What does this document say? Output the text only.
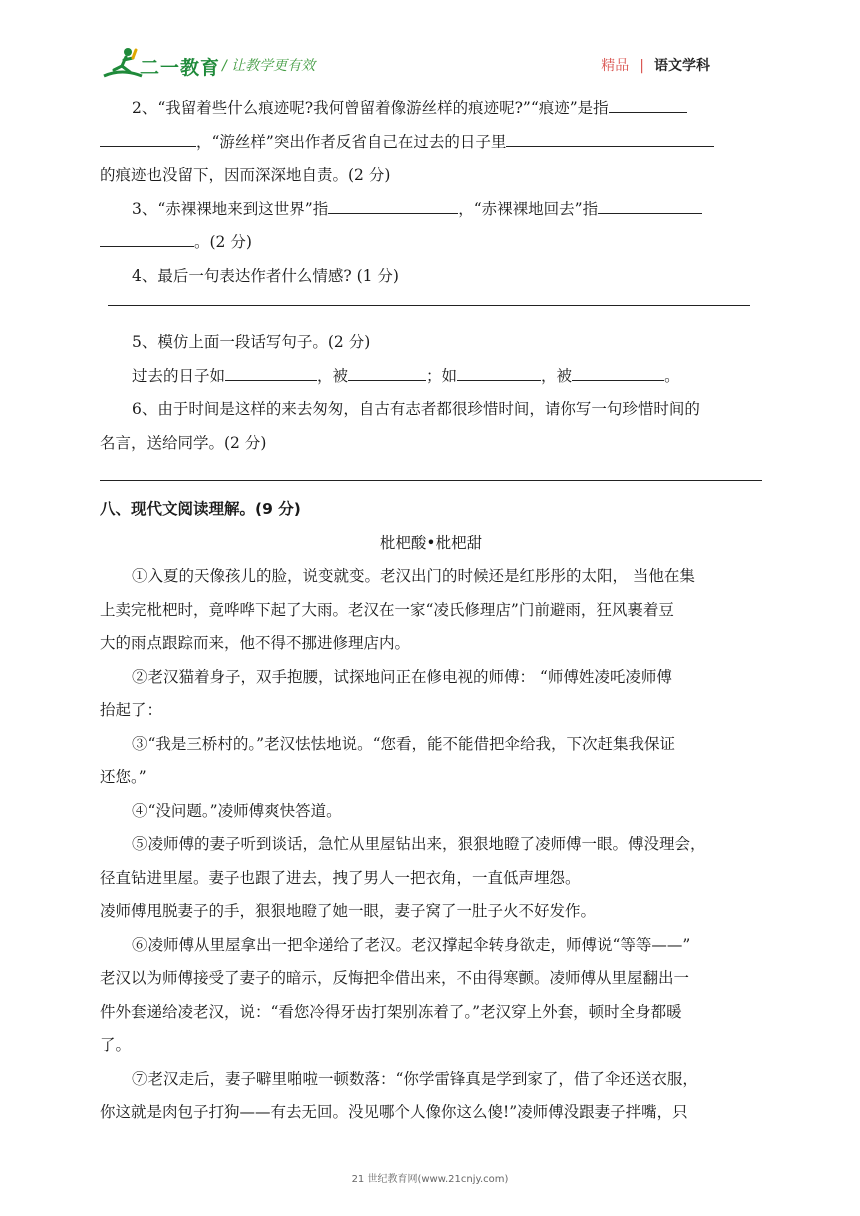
二一教育 / 让教学更有效	精品 | 语文学科
2、“我留着些什么痕迹呢?我何曾留着像游丝样的痕迹呢?”“痕迹”是指
，“游丝样”突出作者反省自己在过去的日子里
的痕迹也没留下，因而深深地自责。(2 分)
3、“赤裸裸地来到这世界”指	，“赤裸裸地回去”指
。(2 分)
4、最后一句表达作者什么情感? (1 分)
5、模仿上面一段话写句子。(2 分)
过去的日子如	，被	；如	，被	。
6、由于时间是这样的来去匆匆，自古有志者都很珍惜时间，请你写一句珍惜时间的
名言，送给同学。(2 分)
八、现代文阅读理解。(9 分)
枇杷酸•枇杷甜
①入夏的天像孩儿的脸，说变就变。老汉出门的时候还是红彤彤的太阳， 当他在集
上卖完枇杷时，竟哗哗下起了大雨。老汉在一家“凌氏修理店”门前避雨，狂风裹着豆
大的雨点跟踪而来，他不得不挪进修理店内。
②老汉猫着身子，双手抱腰，试探地问正在修电视的师傅： “师傅姓凌吒凌师傅
抬起了：
③“我是三桥村的。”老汉怯怯地说。“您看，能不能借把伞给我，下次赶集我保证
还您。”
④“没问题。”凌师傅爽快答道。
⑤凌师傅的妻子听到谈话，急忙从里屋钻出来，狠狠地瞪了凌师傅一眼。傅没理会，
径直钻进里屋。妻子也跟了进去，拽了男人一把衣角，一直低声埋怨。
凌师傅甩脱妻子的手，狠狠地瞪了她一眼，妻子窝了一肚子火不好发作。
⑥凌师傅从里屋拿出一把伞递给了老汉。老汉撑起伞转身欲走，师傅说“等等——”
老汉以为师傅接受了妻子的暗示，反悔把伞借出来，不由得寒颤。凌师傅从里屋翻出一
件外套递给凌老汉，说：“看您冷得牙齿打架别冻着了。”老汉穿上外套，顿时全身都暖
了。
⑦老汉走后，妻子噼里啪啦一顿数落：“你学雷锋真是学到家了，借了伞还送衣服，
你这就是肉包子打狗——有去无回。没见哪个人像你这么傻!”凌师傅没跟妻子拌嘴，只
21 世纪教育网(www.21cnjy.com)
